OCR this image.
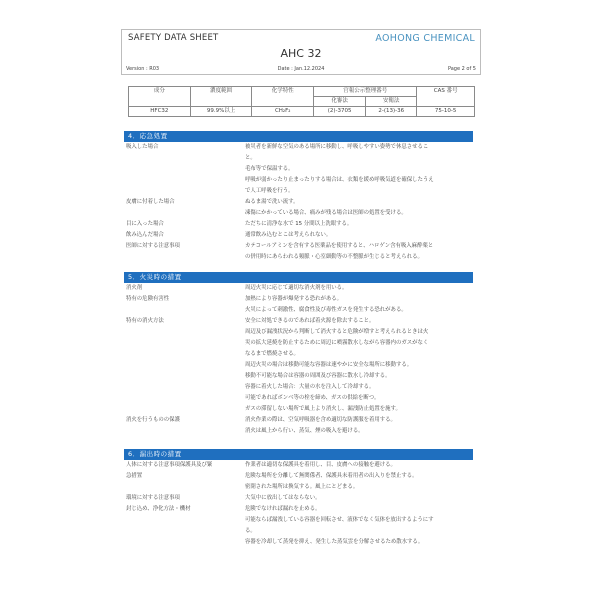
SAFETY DATA SHEET	AOHONG CHEMICAL
AHC 32
Version : R03	Date : Jan.12.2024	Page 2 of 5
成分	濃度範囲	化学特性	官報公示整理番号		CAS 番号
			化審法	安衛法	
HFC32	99.9%以上	CH₂F₂	(2)-3705	2-(13)-36	75-10-5
4．応急処置
吸入した場合	被災者を新鮮な空気のある場所に移動し、呼吸しやすい姿勢で休息させるこ
と。
毛布等で保温する。
呼吸が弱かったり止まったりする場合は、衣類を緩め呼吸気道を確保したうえ
で人工呼吸を行う。
皮膚に付着した場合	ぬるま湯で洗い流す。
凍傷にかかっている場合、痛みが残る場合は医師の処置を受ける。
目に入った場合	ただちに清浄な水で 15 分間以上洗眼する。
飲み込んだ場合	通常飲み込むとこは考えられない。
医師に対する注意事項	カテコールアミンを含有する医薬品を使用すると、ハロゲン含有吸入麻酔薬と
の併用時にあらわれる頻脈・心室細動等の不整脈が生じると考えられる。
5．火災時の措置
消火剤	周辺火災に応じて適切な消火剤を用いる。
特有の危険有害性	加熱により容器が爆発する恐れがある。
火災によって刺激性、腐食性及び毒性ガスを発生する恐れがある。
特有の消火方法	安全に対処できるのであれば着火源を除去すること。
周辺及び漏洩状況から判断して消火すると危険が増すと考えられるときは火
災の拡大延焼を防止するために周辺に噴霧散水しながら容器内のガスがなく
なるまで燃焼させる。
周辺火災の場合は移動可能な容器は速やかに安全な場所に移動する。
移動不可能な場合は容器の周囲及び容器に散水し冷却する。
容器に着火した場合：大量の水を注入して冷却する。
可能であればボンベ等の栓を締め、ガスの供給を断つ。
ガスの滞留しない場所で風上より消火し、漏洩防止処置を施す。
消火を行うものの保護	消火作業の際は、空気呼吸器を含め適切な防護服を着用する。
消火は風上から行い、蒸気、煙の吸入を避ける。
6．漏出時の措置
人体に対する注意事項保護具及び緊	作業者は適切な保護具を着用し、目、皮膚への接触を避ける。
急措置	危険な場所を分離して無関係者、保護具未着用者の出入りを禁止する。
密閉された場所は換気する。風上にとどまる。
環境に対する注意事項	大気中に放出してはならない。
封じ込め、浄化方法・機材	危険でなければ漏れを止める。
可能ならば漏洩している容器を回転させ、液体でなく気体を放出するようにす
る。
容器を冷却して蒸発を抑え、発生した蒸気雲を分解させるため散水する。
